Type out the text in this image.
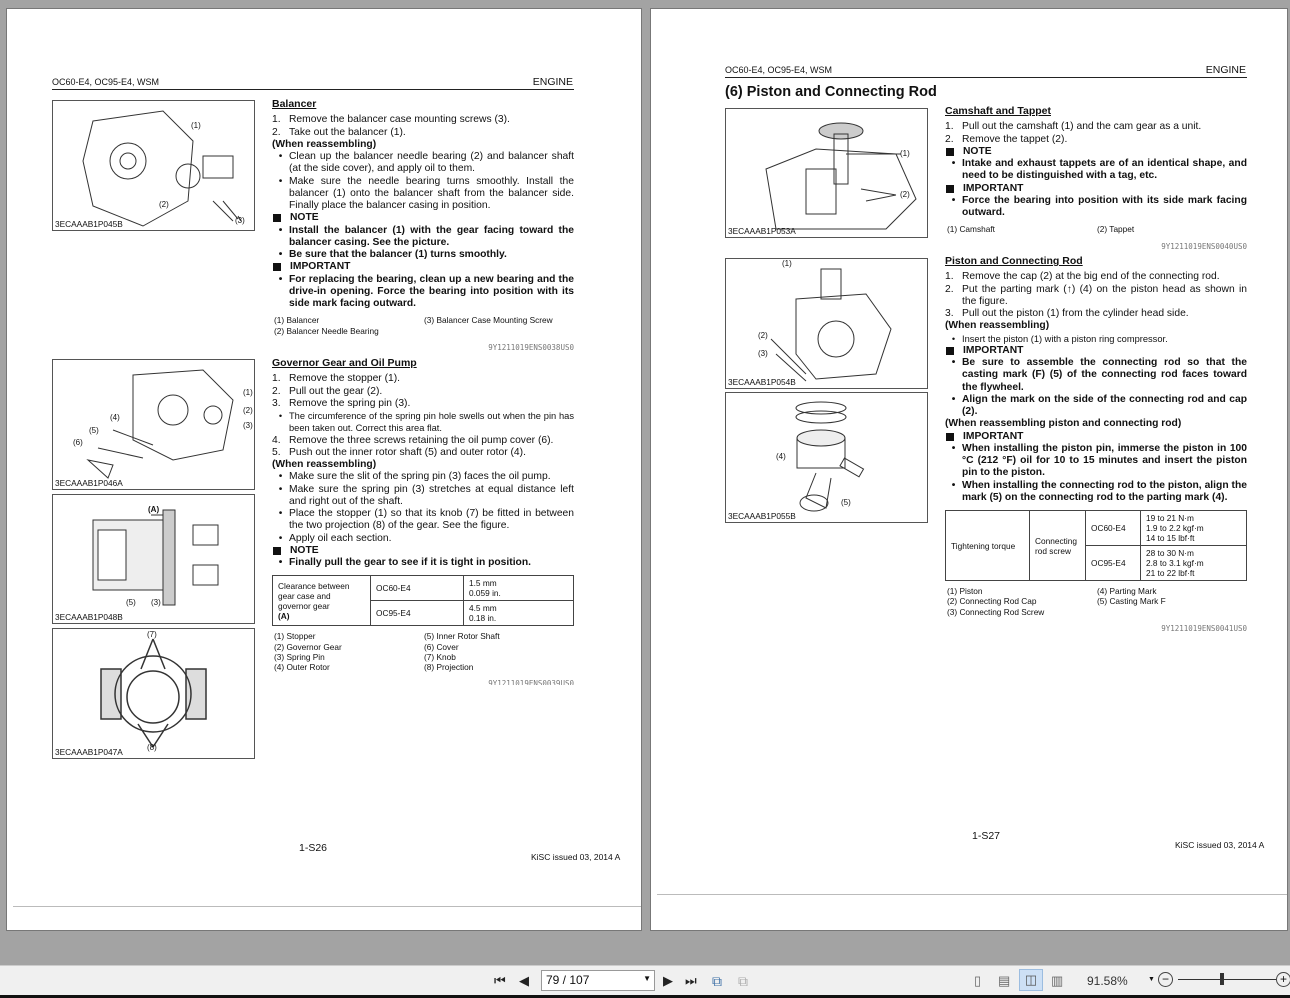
OC60-E4, OC95-E4, WSM	ENGINE
(1)
(2)
(3)
3ECAAAB1P045B
(1)
(2)
(3)
(4)
(5)
(6)
3ECAAAB1P046A
(A)
(5) (3)
3ECAAAB1P048B
(7)
(8)
3ECAAAB1P047A
Balancer
1. Remove the balancer case mounting screws (3).
2. Take out the balancer (1).
(When reassembling)
• Clean up the balancer needle bearing (2) and balancer shaft (at the side cover), and apply oil to them.
• Make sure the needle bearing turns smoothly. Install the balancer (1) onto the balancer shaft from the balancer side. Finally place the balancer casing in position.
NOTE
• Install the balancer (1) with the gear facing toward the balancer casing. See the picture.
• Be sure that the balancer (1) turns smoothly.
IMPORTANT
• For replacing the bearing, clean up a new bearing and the drive-in opening. Force the bearing into position with its side mark facing outward.
(1) Balancer	(3) Balancer Case Mounting Screw
(2) Balancer Needle Bearing
9Y1211019ENS0038US0
Governor Gear and Oil Pump
1. Remove the stopper (1).
2. Pull out the gear (2).
3. Remove the spring pin (3).
• The circumference of the spring pin hole swells out when the pin has been taken out. Correct this area flat.
4. Remove the three screws retaining the oil pump cover (6).
5. Push out the inner rotor shaft (5) and outer rotor (4).
(When reassembling)
• Make sure the slit of the spring pin (3) faces the oil pump.
• Make sure the spring pin (3) stretches at equal distance left and right out of the shaft.
• Place the stopper (1) so that its knob (7) be fitted in between the two projection (8) of the gear. See the figure.
• Apply oil each section.
NOTE
• Finally pull the gear to see if it is tight in position.
Clearance between gear case and governor gear
(A)	OC60-E4	1.5 mm
0.059 in.
	OC95-E4	4.5 mm
0.18 in.
(1) Stopper	(5) Inner Rotor Shaft
(2) Governor Gear	(6) Cover
(3) Spring Pin	(7) Knob
(4) Outer Rotor	(8) Projection
9Y1211019ENS0039US0
1-S26
KiSC issued 03, 2014 A
OC60-E4, OC95-E4, WSM	ENGINE
(6) Piston and Connecting Rod
(1)
(2)
3ECAAAB1P053A
(1)
(2)
(3)
3ECAAAB1P054B
(4)
(5)
3ECAAAB1P055B
Camshaft and Tappet
1. Pull out the camshaft (1) and the cam gear as a unit.
2. Remove the tappet (2).
NOTE
• Intake and exhaust tappets are of an identical shape, and need to be distinguished with a tag, etc.
IMPORTANT
• Force the bearing into position with its side mark facing outward.
(1) Camshaft	(2) Tappet
9Y1211019ENS0040US0
Piston and Connecting Rod
1. Remove the cap (2) at the big end of the connecting rod.
2. Put the parting mark (↑) (4) on the piston head as shown in the figure.
3. Pull out the piston (1) from the cylinder head side.
(When reassembling)
• Insert the piston (1) with a piston ring compressor.
IMPORTANT
• Be sure to assemble the connecting rod so that the casting mark (F) (5) of the connecting rod faces toward the flywheel.
• Align the mark on the side of the connecting rod and cap (2).
(When reassembling piston and connecting rod)
IMPORTANT
• When installing the piston pin, immerse the piston in 100 °C (212 °F) oil for 10 to 15 minutes and insert the piston pin to the piston.
• When installing the connecting rod to the piston, align the mark (5) on the connecting rod to the parting mark (4).
Tightening torque	Connecting rod screw	OC60-E4	19 to 21 N·m
1.9 to 2.2 kgf·m
14 to 15 lbf·ft
		OC95-E4	28 to 30 N·m
2.8 to 3.1 kgf·m
21 to 22 lbf·ft
(1) Piston	(4) Parting Mark
(2) Connecting Rod Cap	(5) Casting Mark F
(3) Connecting Rod Screw
9Y1211019ENS0041US0
1-S27
KiSC issued 03, 2014 A
⏮ ◀	79 / 107	▼ ▶ ⏭ ⧉ ⧉	▯ ▤	◫	▥ 91.58%	▼ −	+
